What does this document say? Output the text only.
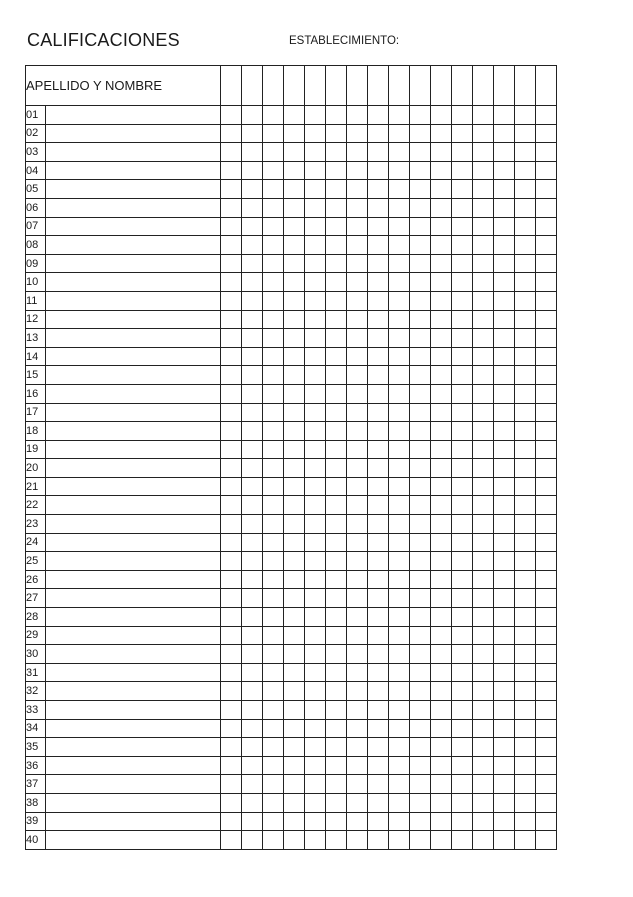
CALIFICACIONES	ESTABLECIMIENTO:
APELLIDO Y NOMBRE																	
01																	
02																	
03																	
04																	
05																	
06																	
07																	
08																	
09																	
10																	
11																	
12																	
13																	
14																	
15																	
16																	
17																	
18																	
19																	
20																	
21																	
22																	
23																	
24																	
25																	
26																	
27																	
28																	
29																	
30																	
31																	
32																	
33																	
34																	
35																	
36																	
37																	
38																	
39																	
40																	
